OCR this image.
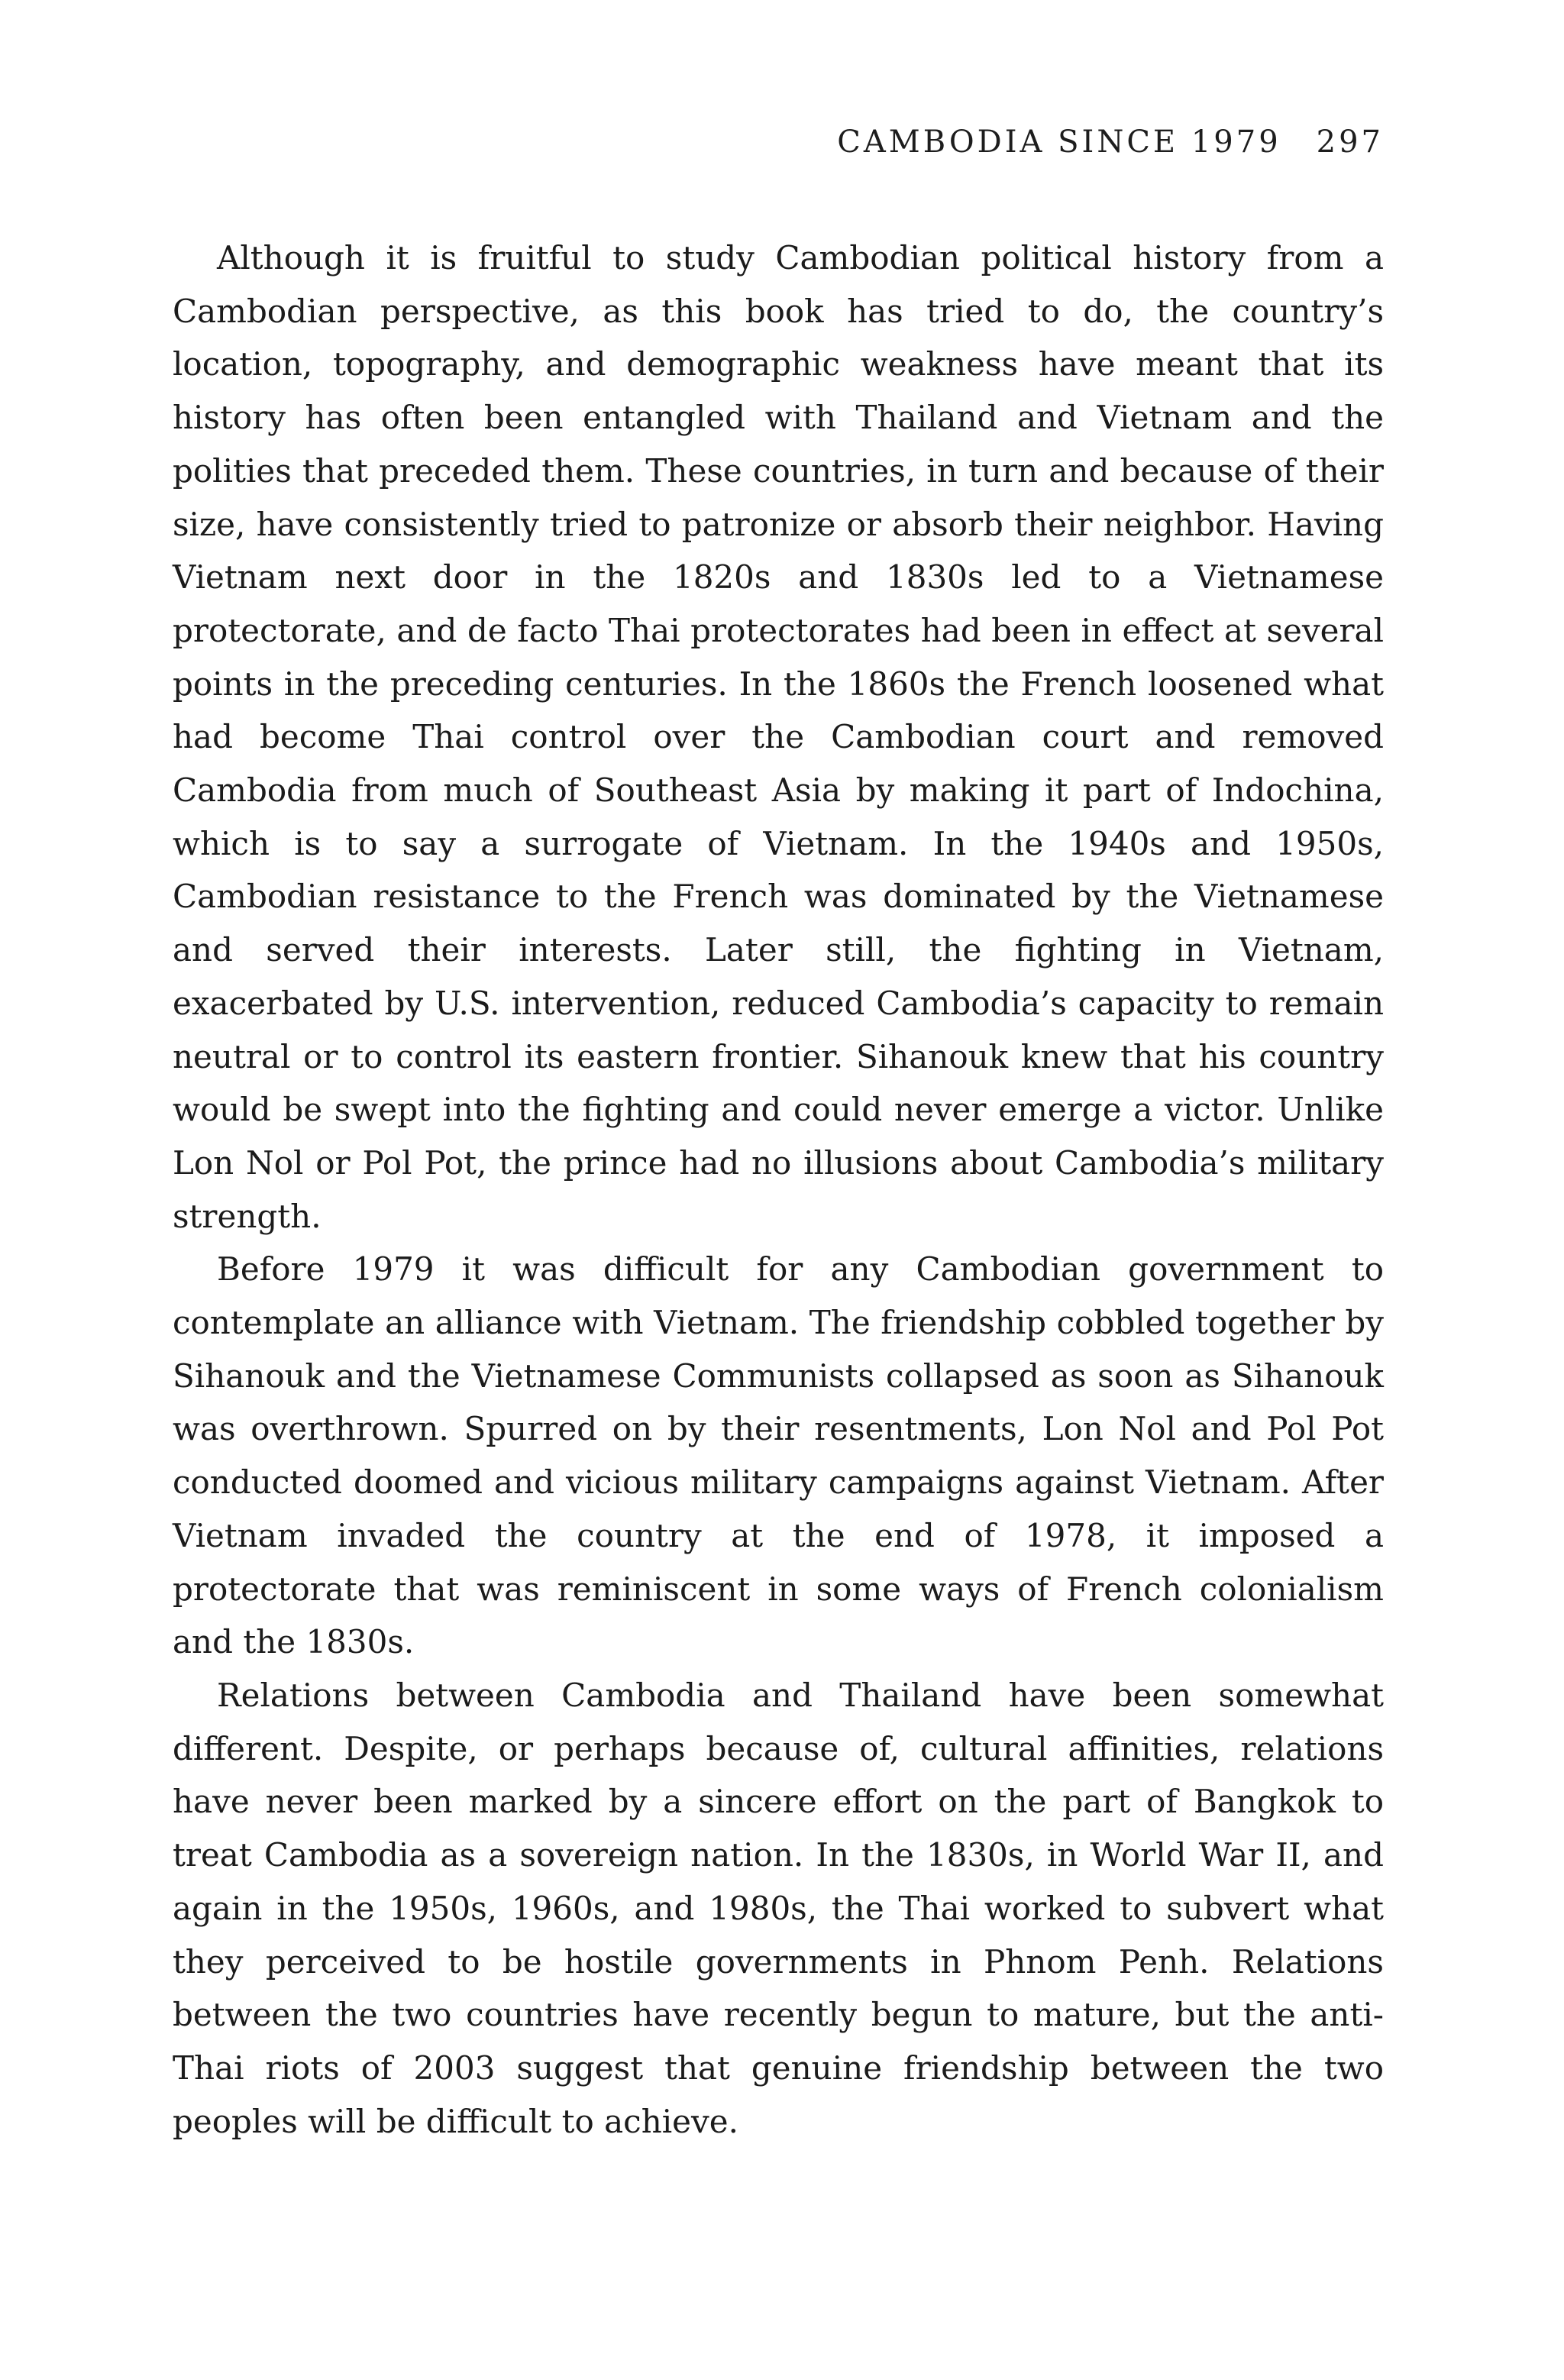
CAMBODIA SINCE 1979 297

Although it is fruitful to study Cambodian political history from a Cambodian perspective, as this book has tried to do, the country’s location, topography, and demographic weakness have meant that its history has often been entangled with Thailand and Vietnam and the polities that preceded them. These countries, in turn and because of their size, have consistently tried to patronize or absorb their neighbor. Having Vietnam next door in the 1820s and 1830s led to a Vietnamese protectorate, and de facto Thai protectorates had been in effect at several points in the preceding centuries. In the 1860s the French loosened what had become Thai control over the Cambodian court and removed Cambodia from much of Southeast Asia by making it part of Indochina, which is to say a surrogate of Vietnam. In the 1940s and 1950s, Cambodian resistance to the French was dominated by the Vietnamese and served their interests. Later still, the fighting in Vietnam, exacerbated by U.S. intervention, reduced Cambodia’s capacity to remain neutral or to control its eastern frontier. Sihanouk knew that his country would be swept into the fighting and could never emerge a victor. Unlike Lon Nol or Pol Pot, the prince had no illusions about Cambodia’s military strength.

Before 1979 it was difficult for any Cambodian government to contemplate an alliance with Vietnam. The friendship cobbled together by Sihanouk and the Vietnamese Communists collapsed as soon as Sihanouk was overthrown. Spurred on by their resentments, Lon Nol and Pol Pot conducted doomed and vicious military campaigns against Vietnam. After Vietnam invaded the country at the end of 1978, it imposed a protectorate that was reminiscent in some ways of French colonialism and the 1830s.

Relations between Cambodia and Thailand have been somewhat different. Despite, or perhaps because of, cultural affinities, relations have never been marked by a sincere effort on the part of Bangkok to treat Cambodia as a sovereign nation. In the 1830s, in World War II, and again in the 1950s, 1960s, and 1980s, the Thai worked to subvert what they perceived to be hostile governments in Phnom Penh. Relations between the two countries have recently begun to mature, but the anti-Thai riots of 2003 suggest that genuine friendship between the two peoples will be difficult to achieve.
